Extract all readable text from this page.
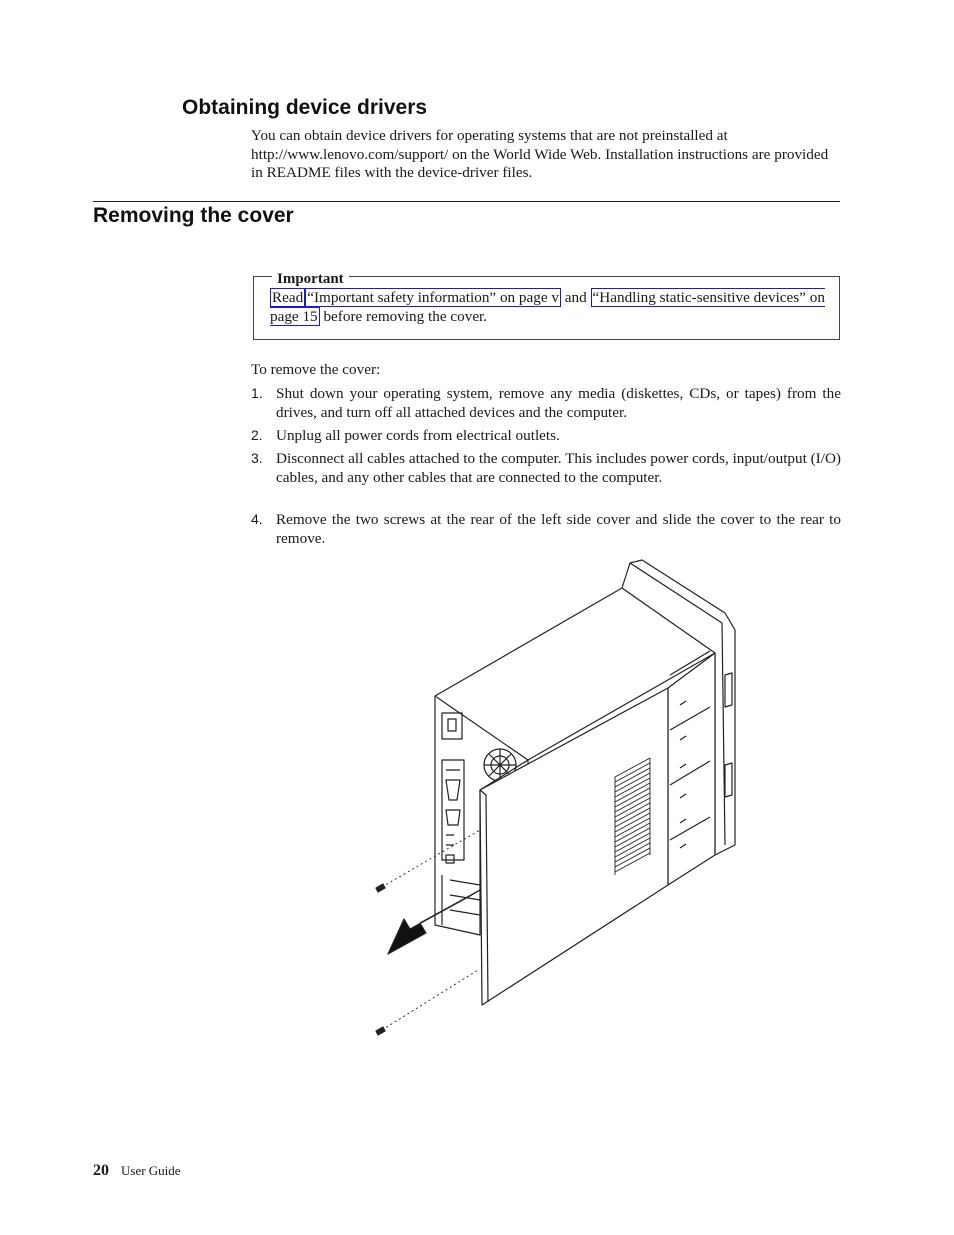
Obtaining device drivers

You can obtain device drivers for operating systems that are not preinstalled at http://www.lenovo.com/support/ on the World Wide Web. Installation instructions are provided in README files with the device-driver files.

Removing the cover
Important

Read “Important safety information” on page v and “Handling static-sensitive devices” on page 15 before removing the cover.

To remove the cover:

1. Shut down your operating system, remove any media (diskettes, CDs, or tapes) from the drives, and turn off all attached devices and the computer.
2. Unplug all power cords from electrical outlets.
3. Disconnect all cables attached to the computer. This includes power cords, input/output (I/O) cables, and any other cables that are connected to the computer.
4. Remove the two screws at the rear of the left side cover and slide the cover to the rear to remove.
20 User Guide
